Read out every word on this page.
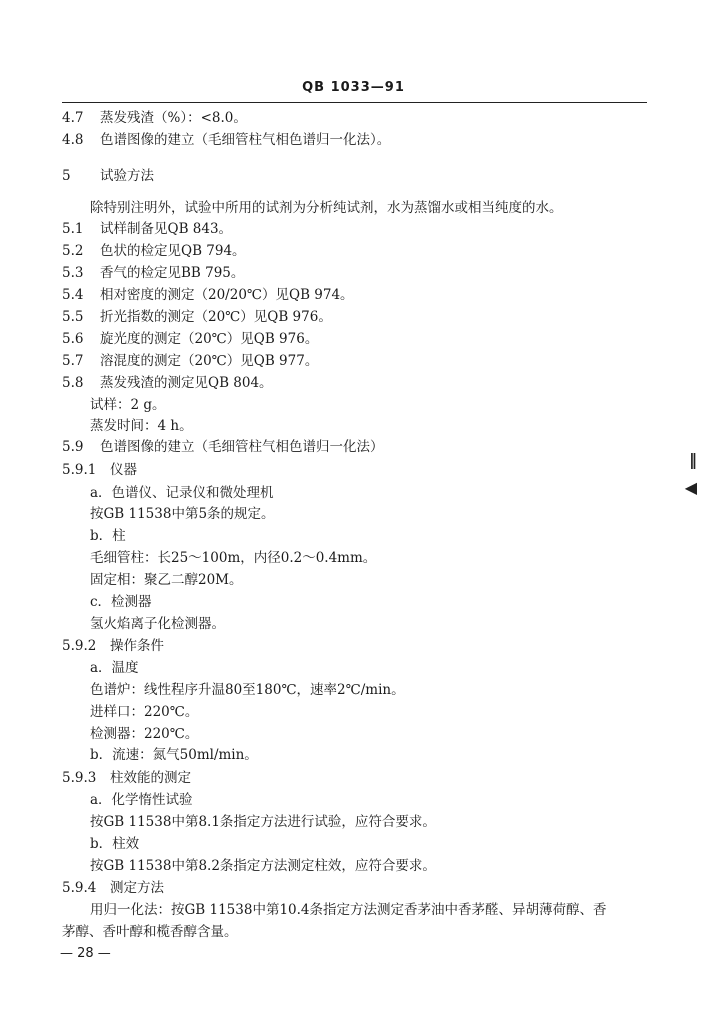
QB 1033—91
4.7 蒸发残渣（%）：<8.0。
4.8 色谱图像的建立（毛细管柱气相色谱归一化法）。
5 试验方法
除特别注明外，试验中所用的试剂为分析纯试剂，水为蒸馏水或相当纯度的水。
5.1 试样制备见QB 843。
5.2 色状的检定见QB 794。
5.3 香气的检定见BB 795。
5.4 相对密度的测定（20/20℃）见QB 974。
5.5 折光指数的测定（20℃）见QB 976。
5.6 旋光度的测定（20℃）见QB 976。
5.7 溶混度的测定（20℃）见QB 977。
5.8 蒸发残渣的测定见QB 804。
试样：2 g。
蒸发时间：4 h。
5.9 色谱图像的建立（毛细管柱气相色谱归一化法）
5.9.1 仪器
a．色谱仪、记录仪和微处理机
按GB 11538中第5条的规定。
b．柱
毛细管柱：长25～100m，内径0.2～0.4mm。
固定相：聚乙二醇20M。
c．检测器
氢火焰离子化检测器。
5.9.2 操作条件
a．温度
色谱炉：线性程序升温80至180℃，速率2℃/min。
进样口：220℃。
检测器：220℃。
b．流速：氮气50ml/min。
5.9.3 柱效能的测定
a．化学惰性试验
按GB 11538中第8.1条指定方法进行试验，应符合要求。
b．柱效
按GB 11538中第8.2条指定方法测定柱效，应符合要求。
5.9.4 测定方法
用归一化法：按GB 11538中第10.4条指定方法测定香茅油中香茅醛、异胡薄荷醇、香
茅醇、香叶醇和榄香醇含量。
— 28 —
‖
◀
